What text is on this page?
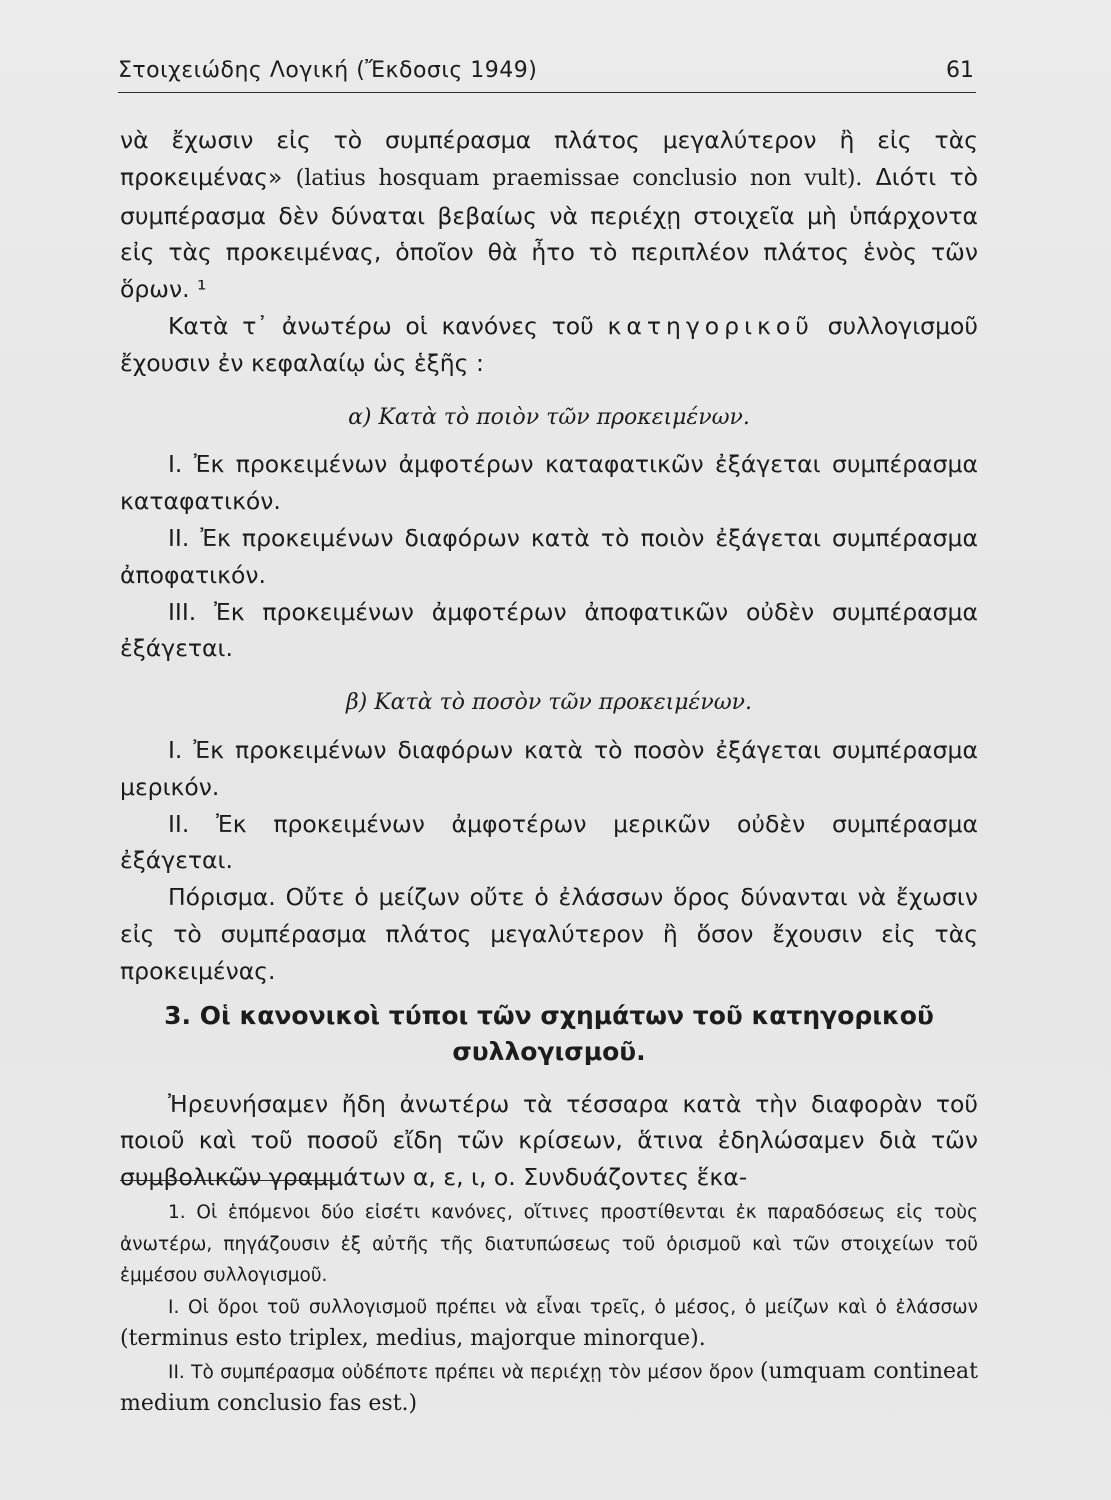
Στοιχειώδης Λογική (Ἔκδοσις 1949)	61

νὰ ἔχωσιν εἰς τὸ συμπέρασμα πλάτος μεγαλύτερον ἢ εἰς τὰς προκειμένας» (latius hosquam praemissae conclusio non vult). Διότι τὸ συμπέρασμα δὲν δύναται βεβαίως νὰ περιέχῃ στοιχεῖα μὴ ὑπάρχοντα εἰς τὰς προκειμένας, ὁποῖον θὰ ἦτο τὸ περιπλέον πλάτος ἑνὸς τῶν ὅρων. ¹

Κατὰ τ᾽ ἀνωτέρω οἱ κανόνες τοῦ κατηγορικοῦ συλλογισμοῦ ἔχουσιν ἐν κεφαλαίῳ ὡς ἑξῆς :

α) Κατὰ τὸ ποιὸν τῶν προκειμένων.

Ι. Ἐκ προκειμένων ἀμφοτέρων καταφατικῶν ἐξάγεται συμπέρασμα καταφατικόν.

ΙΙ. Ἐκ προκειμένων διαφόρων κατὰ τὸ ποιὸν ἐξάγεται συμπέρασμα ἀποφατικόν.

ΙΙΙ. Ἐκ προκειμένων ἀμφοτέρων ἀποφατικῶν οὐδὲν συμπέρασμα ἐξάγεται.

β) Κατὰ τὸ ποσὸν τῶν προκειμένων.

Ι. Ἐκ προκειμένων διαφόρων κατὰ τὸ ποσὸν ἐξάγεται συμπέρασμα μερικόν.

ΙΙ. Ἐκ προκειμένων ἀμφοτέρων μερικῶν οὐδὲν συμπέρασμα ἐξάγεται.

Πόρισμα. Οὔτε ὁ μείζων οὔτε ὁ ἐλάσσων ὅρος δύνανται νὰ ἔχωσιν εἰς τὸ συμπέρασμα πλάτος μεγαλύτερον ἢ ὅσον ἔχουσιν εἰς τὰς προκειμένας.

3. Οἱ κανονικοὶ τύποι τῶν σχημάτων τοῦ κατηγορικοῦ
συλλογισμοῦ.

Ἠρευνήσαμεν ἤδη ἀνωτέρω τὰ τέσσαρα κατὰ τὴν διαφορὰν τοῦ ποιοῦ καὶ τοῦ ποσοῦ εἴδη τῶν κρίσεων, ἅτινα ἐδηλώσαμεν διὰ τῶν συμβολικῶν γραμμάτων α, ε, ι, ο. Συνδυάζοντες ἕκα-

1. Οἱ ἑπόμενοι δύο εἰσέτι κανόνες, οἵτινες προστίθενται ἐκ παραδόσεως εἰς τοὺς ἀνωτέρω, πηγάζουσιν ἐξ αὐτῆς τῆς διατυπώσεως τοῦ ὁρισμοῦ καὶ τῶν στοιχείων τοῦ ἐμμέσου συλλογισμοῦ.

Ι. Οἱ ὅροι τοῦ συλλογισμοῦ πρέπει νὰ εἶναι τρεῖς, ὁ μέσος, ὁ μείζων καὶ ὁ ἐλάσσων (terminus esto triplex, medius, majorque minorque).

ΙΙ. Τὸ συμπέρασμα οὐδέποτε πρέπει νὰ περιέχῃ τὸν μέσον ὅρον (umquam contineat medium conclusio fas est.)
